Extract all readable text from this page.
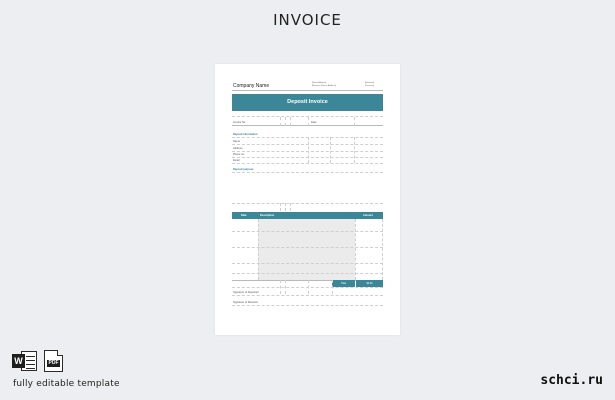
INVOICE
Company Name	[Street Address]
[Business Phone, Address]
[Business]
[Contacts]
Deposit Invoice
Invoice No.	Date
Deposit information
Name
Address
Phone no.
Email
Deposit purpose
Date	Description	Amount
Total	$0.00
Signature of Depositor
Signature of Receiver
W	PDF
fully editable template	schci.ru
